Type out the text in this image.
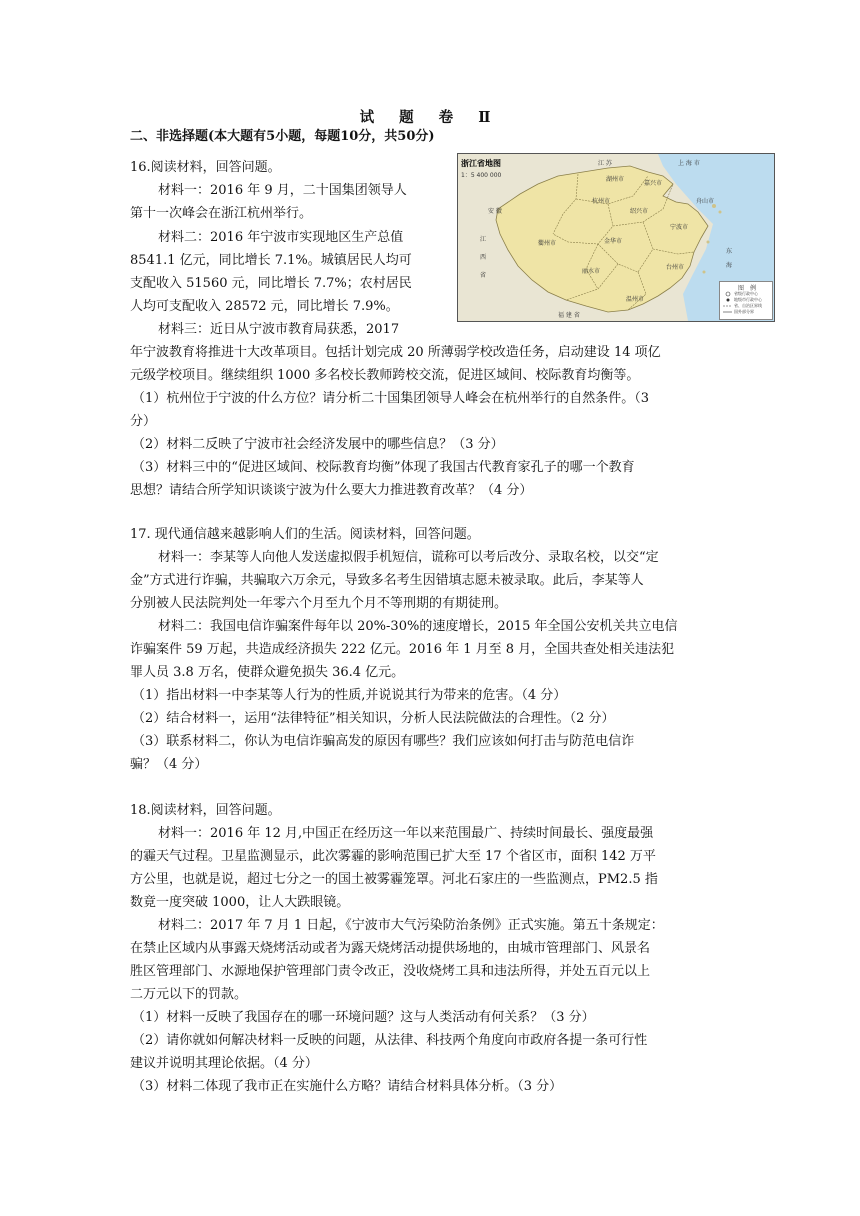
试 题 卷 Ⅱ
二、非选择题(本大题有5小题，每题10分，共50分)
16.阅读材料，回答问题。
材料一：2016 年 9 月，二十国集团领导人
第十一次峰会在浙江杭州举行。
材料二：2016 年宁波市实现地区生产总值
8541.1 亿元，同比增长 7.1%。城镇居民人均可
支配收入 51560 元，同比增长 7.7%；农村居民
人均可支配收入 28572 元，同比增长 7.9%。
材料三：近日从宁波市教育局获悉，2017
年宁波教育将推进十大改革项目。包括计划完成 20 所薄弱学校改造任务，启动建设 14 项亿
元级学校项目。继续组织 1000 多名校长教师跨校交流，促进区域间、校际教育均衡等。
（1）杭州位于宁波的什么方位？请分析二十国集团领导人峰会在杭州举行的自然条件。（3
分）
（2）材料二反映了宁波市社会经济发展中的哪些信息？（3 分）
（3）材料三中的“促进区域间、校际教育均衡”体现了我国古代教育家孔子的哪一个教育
思想？请结合所学知识谈谈宁波为什么要大力推进教育改革？（4 分）
浙江省地图
1：5 400 000
安 徽
江 苏	上 海 市
湖州市
嘉兴市
杭州市
绍兴市
舟山市
宁波市
衢州市	金华市
台州市
丽水市
温州市
江
西
省
福 建 省
东
海
图　例
省级行政中心
地级市行政中心
省、自治区界线
国外部分界
17. 现代通信越来越影响人们的生活。阅读材料，回答问题。
材料一：李某等人向他人发送虚拟假手机短信，谎称可以考后改分、录取名校，以交“定
金”方式进行诈骗，共骗取六万余元，导致多名考生因错填志愿未被录取。此后，李某等人
分别被人民法院判处一年零六个月至九个月不等刑期的有期徒刑。
材料二：我国电信诈骗案件每年以 20%-30%的速度增长，2015 年全国公安机关共立电信
诈骗案件 59 万起，共造成经济损失 222 亿元。2016 年 1 月至 8 月，全国共查处相关违法犯
罪人员 3.8 万名，使群众避免损失 36.4 亿元。
（1）指出材料一中李某等人行为的性质,并说说其行为带来的危害。（4 分）
（2）结合材料一，运用“法律特征”相关知识，分析人民法院做法的合理性。（2 分）
（3）联系材料二，你认为电信诈骗高发的原因有哪些？我们应该如何打击与防范电信诈
骗？（4 分）
18.阅读材料，回答问题。
材料一：2016 年 12 月,中国正在经历这一年以来范围最广、持续时间最长、强度最强
的霾天气过程。卫星监测显示，此次雾霾的影响范围已扩大至 17 个省区市，面积 142 万平
方公里，也就是说，超过七分之一的国土被雾霾笼罩。河北石家庄的一些监测点，PM2.5 指
数竟一度突破 1000，让人大跌眼镜。
材料二：2017 年 7 月 1 日起，《宁波市大气污染防治条例》正式实施。第五十条规定：
在禁止区域内从事露天烧烤活动或者为露天烧烤活动提供场地的，由城市管理部门、风景名
胜区管理部门、水源地保护管理部门责令改正，没收烧烤工具和违法所得，并处五百元以上
二万元以下的罚款。
（1）材料一反映了我国存在的哪一环境问题？这与人类活动有何关系？（3 分）
（2）请你就如何解决材料一反映的问题，从法律、科技两个角度向市政府各提一条可行性
建议并说明其理论依据。（4 分）
（3）材料二体现了我市正在实施什么方略？请结合材料具体分析。（3 分）
